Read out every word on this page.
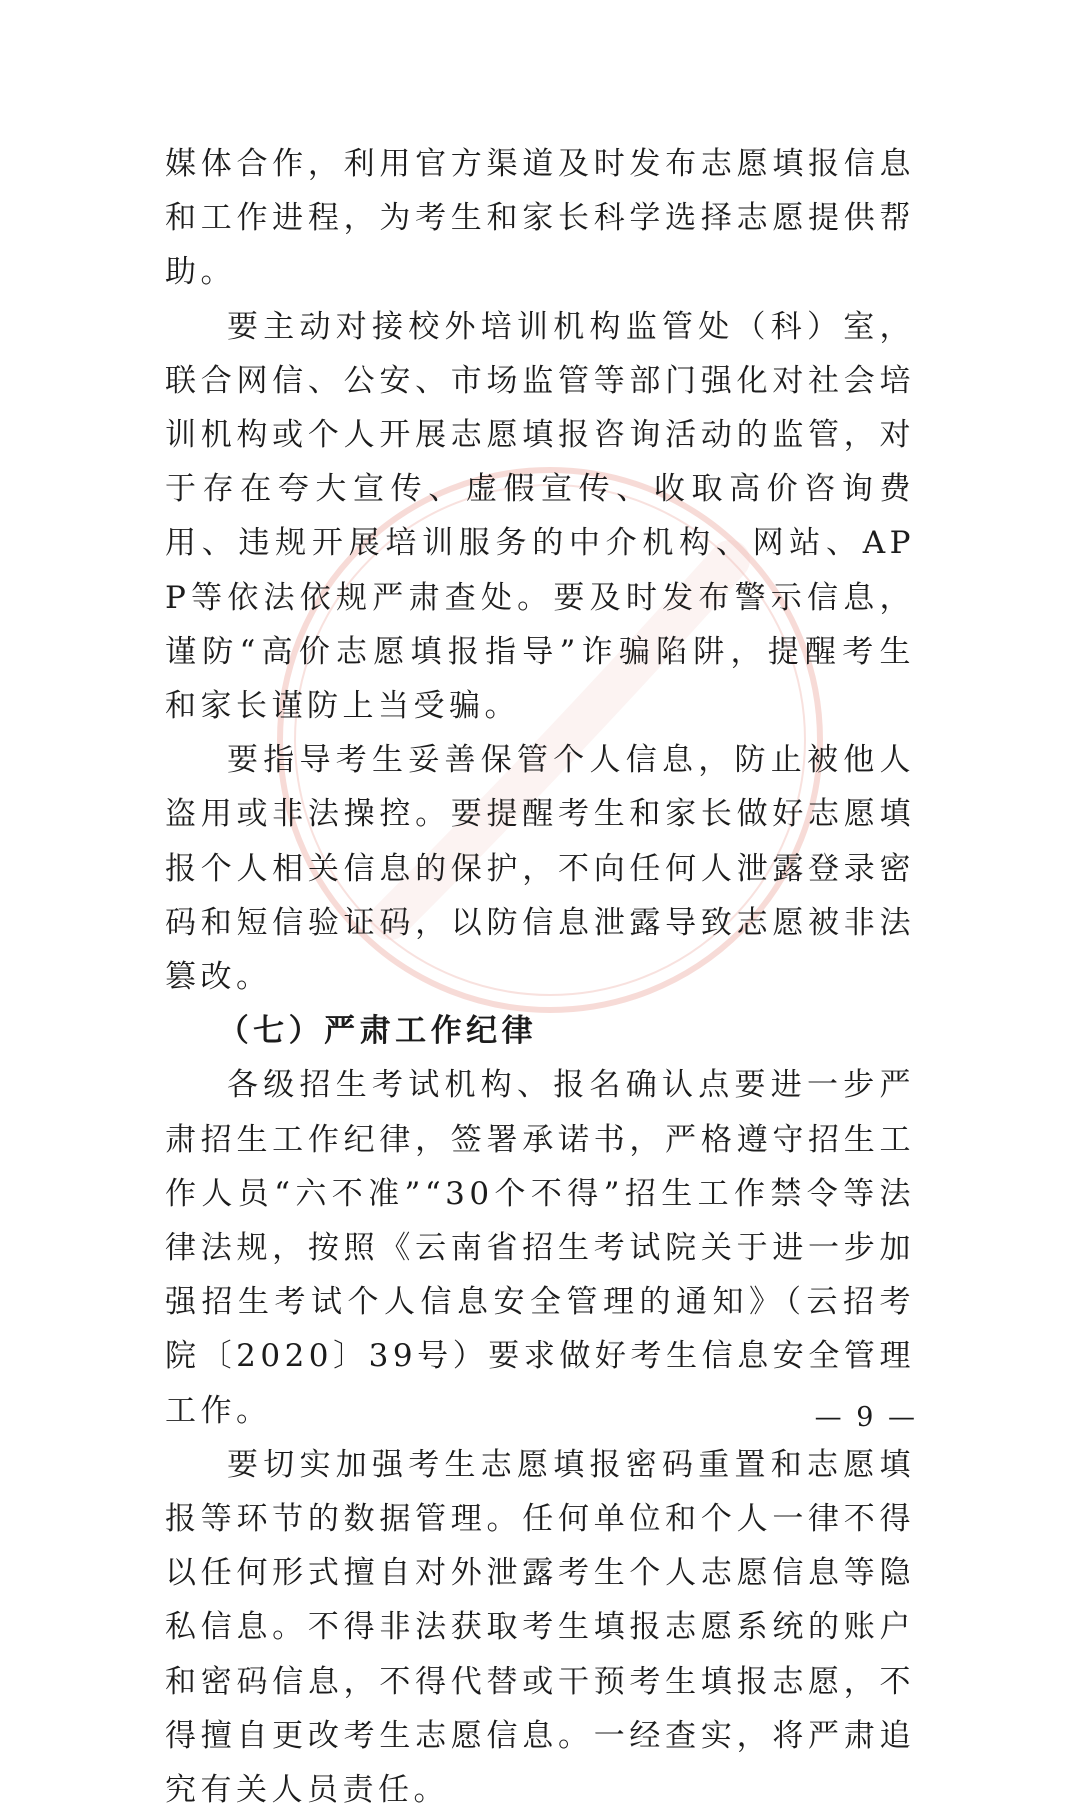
媒体合作，利用官方渠道及时发布志愿填报信息和工作进程，为考生和家长科学选择志愿提供帮助。

要主动对接校外培训机构监管处（科）室，联合网信、公安、市场监管等部门强化对社会培训机构或个人开展志愿填报咨询活动的监管，对于存在夸大宣传、虚假宣传、收取高价咨询费用、违规开展培训服务的中介机构、网站、APP等依法依规严肃查处。要及时发布警示信息，谨防“高价志愿填报指导”诈骗陷阱，提醒考生和家长谨防上当受骗。

要指导考生妥善保管个人信息，防止被他人盗用或非法操控。要提醒考生和家长做好志愿填报个人相关信息的保护，不向任何人泄露登录密码和短信验证码，以防信息泄露导致志愿被非法篡改。

（七）严肃工作纪律

各级招生考试机构、报名确认点要进一步严肃招生工作纪律，签署承诺书，严格遵守招生工作人员“六不准”“30个不得”招生工作禁令等法律法规，按照《云南省招生考试院关于进一步加强招生考试个人信息安全管理的通知》（云招考院〔2020〕39号）要求做好考生信息安全管理工作。

要切实加强考生志愿填报密码重置和志愿填报等环节的数据管理。任何单位和个人一律不得以任何形式擅自对外泄露考生个人志愿信息等隐私信息。不得非法获取考生填报志愿系统的账户和密码信息，不得代替或干预考生填报志愿，不得擅自更改考生志愿信息。一经查实，将严肃追究有关人员责任。

— 9 —
